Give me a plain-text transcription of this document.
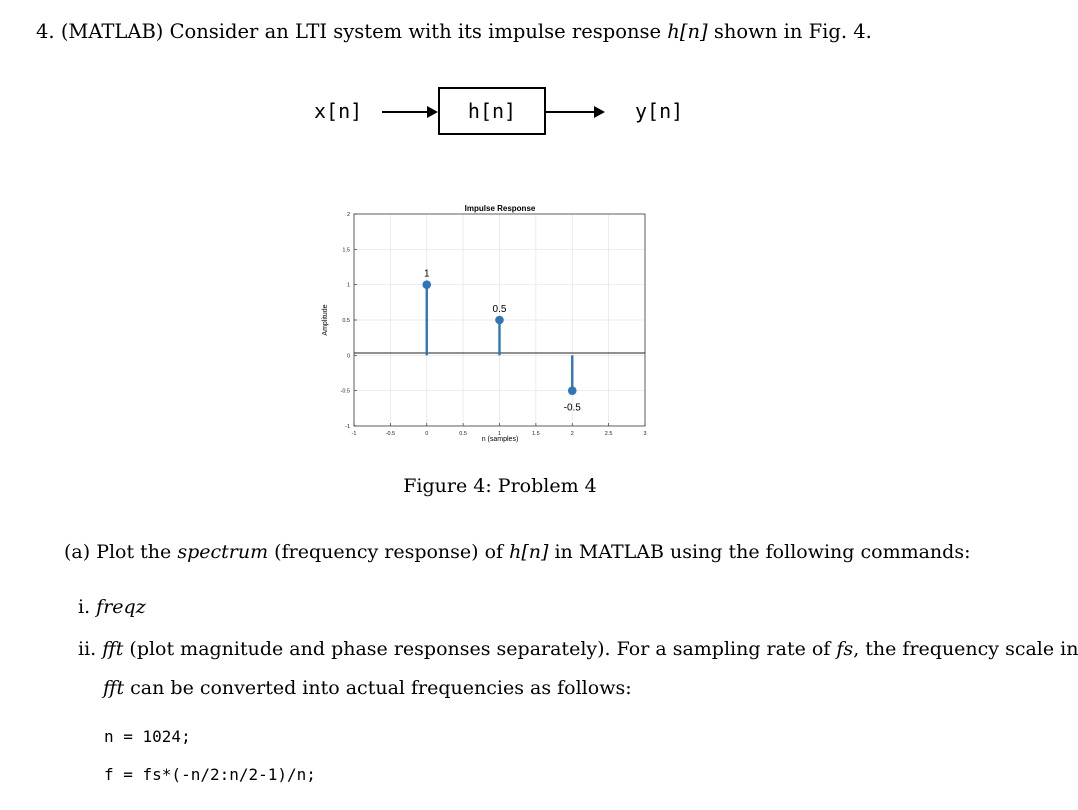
4. (MATLAB) Consider an LTI system with its impulse response h[n] shown in Fig. 4.
x[n]	h[n]	y[n]
Impulse Response
-1	-0.5	0	0.5	1	1.5	2	2.5	3
-1
-0.5
0
0.5
1
1.5
2
1
0.5
-0.5
n (samples)
Amplitude
Figure 4: Problem 4
(a) Plot the spectrum (frequency response) of h[n] in MATLAB using the following commands:
i. freqz
ii. fft (plot magnitude and phase responses separately). For a sampling rate of fs, the frequency scale in
fft can be converted into actual frequencies as follows:
n = 1024;
f = fs*(-n/2:n/2-1)/n;
